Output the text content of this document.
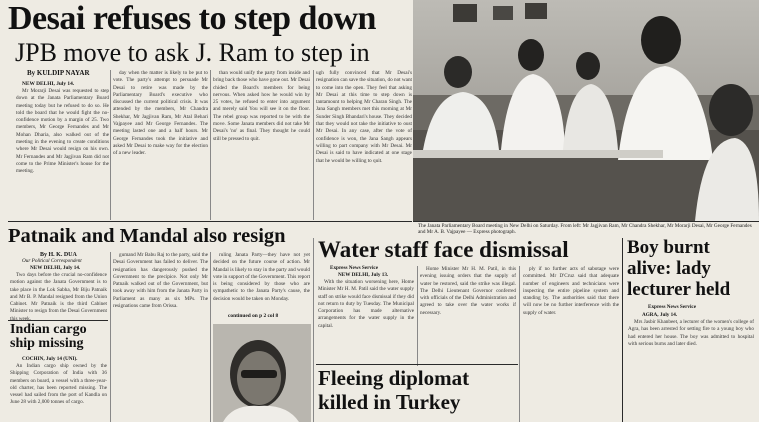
Desai refuses to step down
JPB move to ask J. Ram to step in
By KULDIP NAYAR
NEW DELHI, July 14.
Mr Morarji Desai was requested to step down at the Janata Parliamentary Board meeting today but he refused to do so. He told the board that he would fight the no-confidence motion by a margin of 25. Two members, Mr George Fernandes and Mr Mohan Dharia, also walked out of the meeting in the evening to create conditions where Mr Desai would resign on his own. Mr Fernandes and Mr Jagjivan Ram did not come to the Prime Minister's house for the meeting.
day when the matter is likely to be put to vote. The party's attempt to persuade Mr Desai to retire was made by the Parliamentary Board's executive who discussed the current political crisis. It was attended by the members, Mr Chandra Shekhar, Mr Jagjivan Ram, Mr Atal Behari Vajpayee and Mr George Fernandes. The meeting lasted one and a half hours. Mr George Fernandes took the initiative and asked Mr Desai to make way for the election of a new leader.
than would unify the party from inside and bring back those who have gone out. Mr Desai chided the Board's members for being nervous. When asked how he would win by 25 votes, he refused to enter into argument and merely said You will see it on the floor. The rebel group was reported to be with the move. Some Janata members did not take Mr Desai's 'no' as final. They thought he could still be pressed to quit.
ugh fully convinced that Mr Desai's resignation can save the situation, do not want to come into the open. They feel that asking Mr Desai at this time to step down is tantamount to helping Mr Charan Singh. The Jana Sangh members met this morning at Mr Sunder Singh Bhandari's house. They decided that they would not take the initiative to oust Mr Desai. In any case, after the vote of confidence is won, the Jana Sangh appears willing to part company with Mr Desai. Mr Desai is said to have indicated at one stage that he would be willing to quit.
The Janata Parliamentary Board meeting in New Delhi on Saturday. From left: Mr Jagjivan Ram, Mr Chandra Shekhar, Mr Morarji Desai, Mr George Fernandes and Mr A. B. Vajpayee — Express photograph.
Patnaik and Mandal also resign
By H. K. DUA
Our Political Correspondent
NEW DELHI, July 14.
Two days before the crucial no-confidence motion against the Janata Government is to take place in the Lok Sabha, Mr Biju Patnaik and Mr B. P. Mandal resigned from the Union Cabinet. Mr Patnaik is the third Cabinet Minister to resign from the Desai Government this week.
gumand Mr Babu Raj to the party, said the Desai Government has failed to deliver. The resignation has dangerously pushed the Government to the precipice. Not only Mr Patnaik walked out of the Government, but took away with him from the Janata Party in Parliament as many as six MPs. The resignations came from Orissa.
ruling Janata Party—they have not yet decided on the future course of action. Mr Mandal is likely to stay in the party and would vote in support of the Government. This report is being considered by those who are sympathetic to the Janata Party's cause, the decision would be taken on Monday.
continued on p 2 col 8
Indian cargo ship missing
COCHIN, July 14 (UNI).
An Indian cargo ship owned by the Shipping Corporation of India with 36 members on board, a vessel with a three-year-old charter, has been reported missing. The vessel had sailed from the port of Kandla on June 28 with 2,000 tonnes of cargo.
Water staff face dismissal
Express News Service
NEW DELHI, July 13.
With the situation worsening here, Home Minister Mr H. M. Patil said the water supply staff on strike would face dismissal if they did not return to duty by Tuesday. The Municipal Corporation has made alternative arrangements for the water supply in the capital.
Home Minister Mr H. M. Patil, in this evening issuing orders that the supply of water be restored, said the strike was illegal. The Delhi Lieutenant Governor conferred with officials of the Delhi Administration and agreed to take over the water works if necessary.
ply if no further acts of sabotage were committed. Mr D'Cruz said that adequate number of engineers and technicians were inspecting the entire pipeline system and standing by. The authorities said that there will now be no further interference with the supply of water.
Fleeing diplomat
killed in Turkey
Boy burnt
alive: lady
lecturer held
Express News Service
AGRA, July 14.
Mrs Jasbir Khanbeet, a lecturer of the women's college of Agra, has been arrested for setting fire to a young boy who had entered her house. The boy was admitted to hospital with serious burns and later died.
